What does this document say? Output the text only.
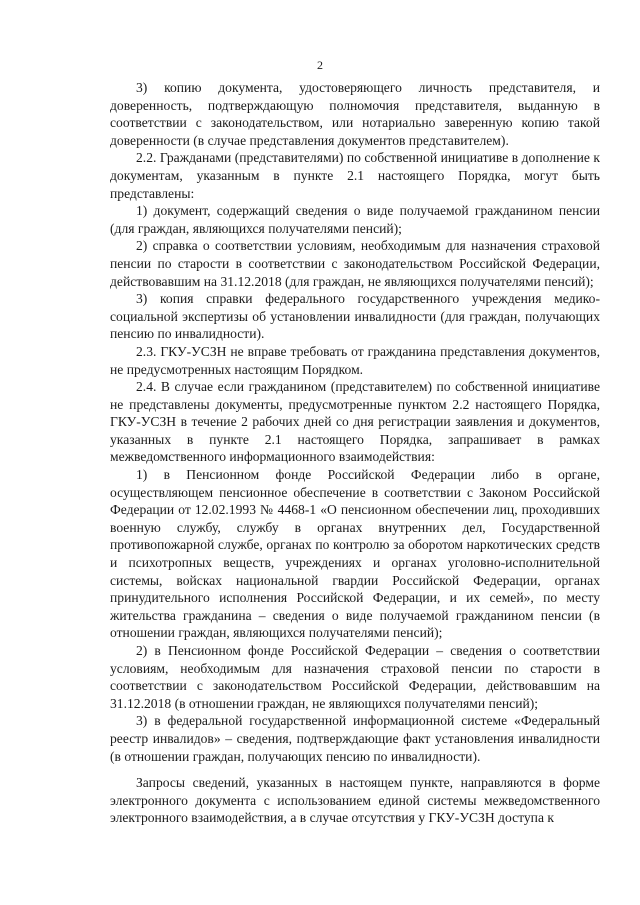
2

3) копию документа, удостоверяющего личность представителя, и доверенность, подтверждающую полномочия представителя, выданную в соответствии с законодательством, или нотариально заверенную копию такой доверенности (в случае представления документов представителем).

2.2. Гражданами (представителями) по собственной инициативе в дополнение к документам, указанным в пункте 2.1 настоящего Порядка, могут быть представлены:

1) документ, содержащий сведения о виде получаемой гражданином пенсии (для граждан, являющихся получателями пенсий);

2) справка о соответствии условиям, необходимым для назначения страховой пенсии по старости в соответствии с законодательством Российской Федерации, действовавшим на 31.12.2018 (для граждан, не являющихся получателями пенсий);

3) копия справки федерального государственного учреждения медико-социальной экспертизы об установлении инвалидности (для граждан, получающих пенсию по инвалидности).

2.3. ГКУ-УСЗН не вправе требовать от гражданина представления документов, не предусмотренных настоящим Порядком.

2.4. В случае если гражданином (представителем) по собственной инициативе не представлены документы, предусмотренные пунктом 2.2 настоящего Порядка, ГКУ-УСЗН в течение 2 рабочих дней со дня регистрации заявления и документов, указанных в пункте 2.1 настоящего Порядка, запрашивает в рамках межведомственного информационного взаимодействия:

1) в Пенсионном фонде Российской Федерации либо в органе, осуществляющем пенсионное обеспечение в соответствии с Законом Российской Федерации от 12.02.1993 № 4468-1 «О пенсионном обеспечении лиц, проходивших военную службу, службу в органах внутренних дел, Государственной противопожарной службе, органах по контролю за оборотом наркотических средств и психотропных веществ, учреждениях и органах уголовно-исполнительной системы, войсках национальной гвардии Российской Федерации, органах принудительного исполнения Российской Федерации, и их семей», по месту жительства гражданина – сведения о виде получаемой гражданином пенсии (в отношении граждан, являющихся получателями пенсий);

2) в Пенсионном фонде Российской Федерации – сведения о соответствии условиям, необходимым для назначения страховой пенсии по старости в соответствии с законодательством Российской Федерации, действовавшим на 31.12.2018 (в отношении граждан, не являющихся получателями пенсий);

3) в федеральной государственной информационной системе «Федеральный реестр инвалидов» – сведения, подтверждающие факт установления инвалидности (в отношении граждан, получающих пенсию по инвалидности).

Запросы сведений, указанных в настоящем пункте, направляются в форме электронного документа с использованием единой системы межведомственного электронного взаимодействия, а в случае отсутствия у ГКУ-УСЗН доступа к
